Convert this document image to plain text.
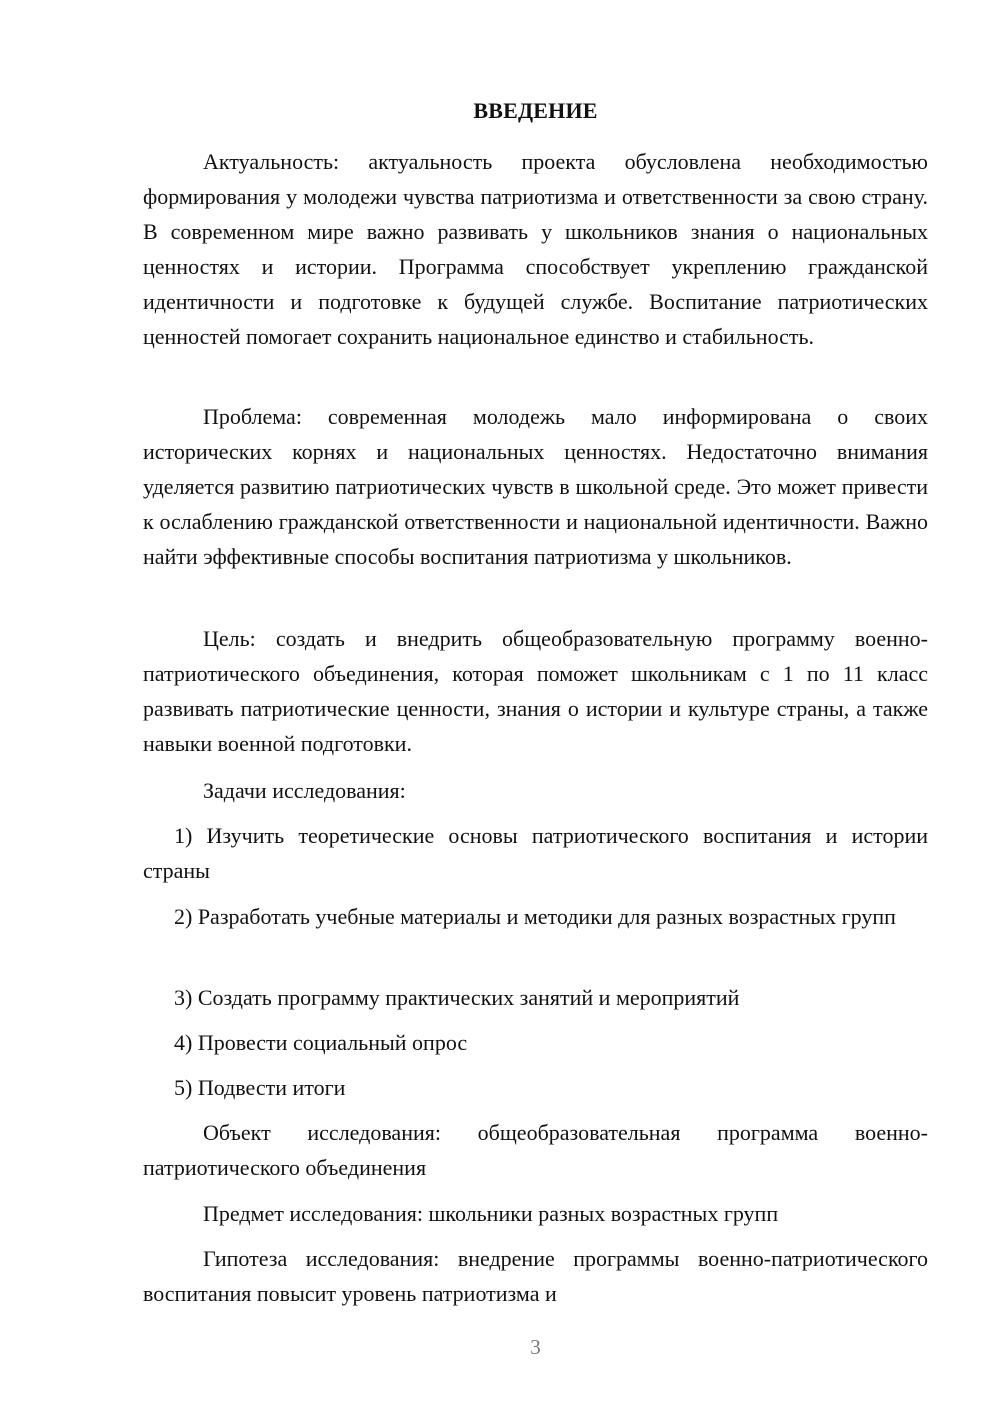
ВВЕДЕНИЕ

Актуальность: актуальность проекта обусловлена необходимостью формирования у молодежи чувства патриотизма и ответственности за свою страну. В современном мире важно развивать у школьников знания о национальных ценностях и истории. Программа способствует укреплению гражданской идентичности и подготовке к будущей службе. Воспитание патриотических ценностей помогает сохранить национальное единство и стабильность.

Проблема: современная молодежь мало информирована о своих исторических корнях и национальных ценностях. Недостаточно внимания уделяется развитию патриотических чувств в школьной среде. Это может привести к ослаблению гражданской ответственности и национальной идентичности. Важно найти эффективные способы воспитания патриотизма у школьников.

Цель: создать и внедрить общеобразовательную программу военно-патриотического объединения, которая поможет школьникам с 1 по 11 класс развивать патриотические ценности, знания о истории и культуре страны, а также навыки военной подготовки.

Задачи исследования:

1) Изучить теоретические основы патриотического воспитания и истории страны

2) Разработать учебные материалы и методики для разных возрастных групп

3) Создать программу практических занятий и мероприятий

4) Провести социальный опрос

5) Подвести итоги

Объект исследования: общеобразовательная программа военно-патриотического объединения

Предмет исследования: школьники разных возрастных групп

Гипотеза исследования: внедрение программы военно-патриотического воспитания повысит уровень патриотизма и

3
